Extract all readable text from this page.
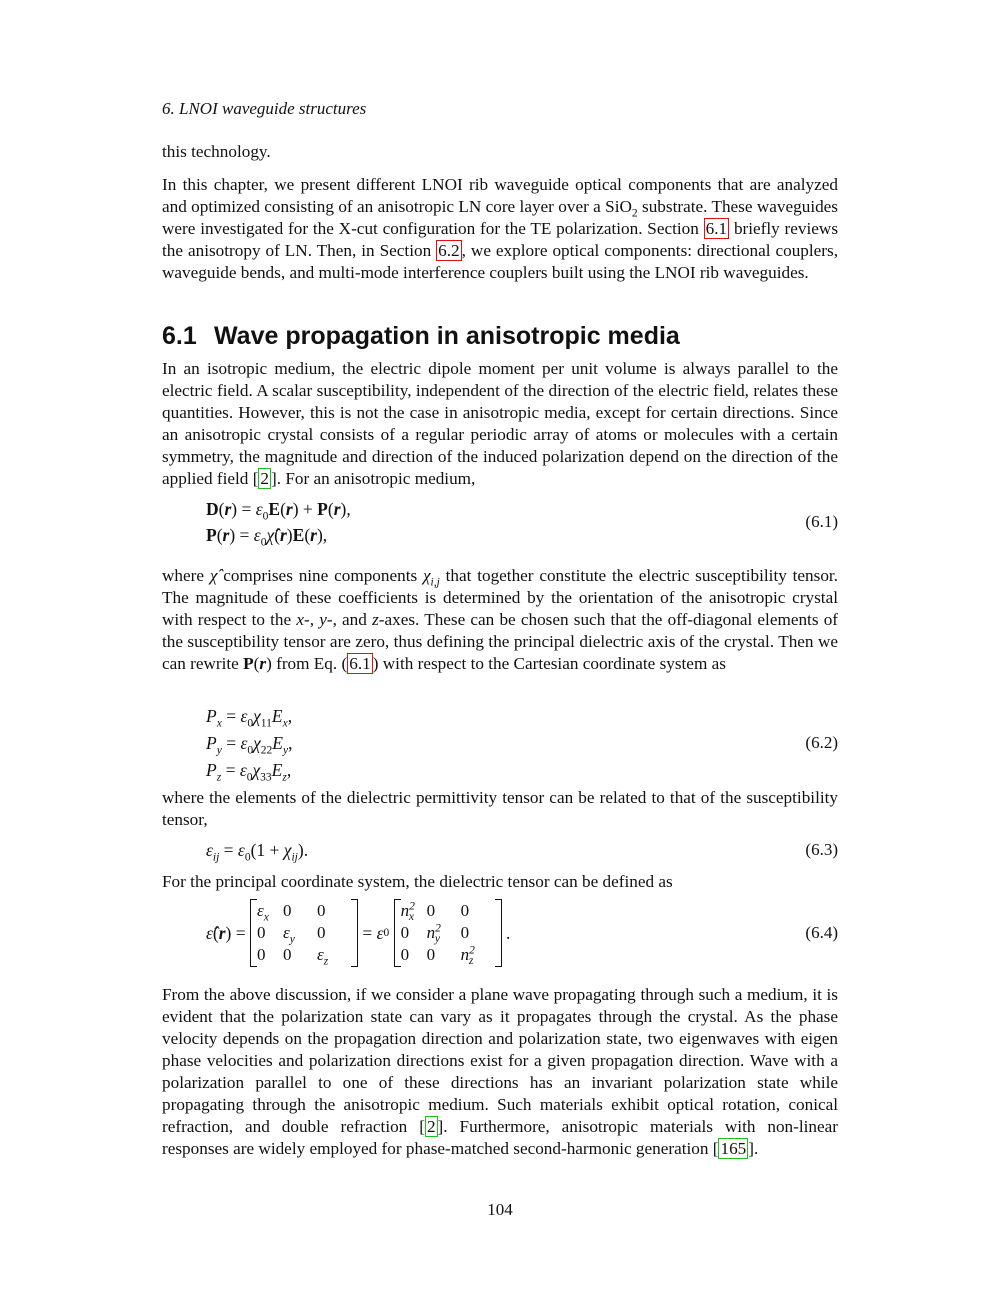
6. LNOI waveguide structures

this technology.

In this chapter, we present different LNOI rib waveguide optical components that are analyzed and optimized consisting of an anisotropic LN core layer over a SiO$_2$ substrate. These waveguides were investigated for the X-cut configuration for the TE polarization. Section 6.1 briefly reviews the anisotropy of LN. Then, in Section 6.2 , we explore optical components: directional couplers, waveguide bends, and multi-mode interference couplers built using the LNOI rib waveguides.

6.1 Wave propagation in anisotropic media

In an isotropic medium, the electric dipole moment per unit volume is always parallel to the electric field. A scalar susceptibility, independent of the direction of the electric field, relates these quantities. However, this is not the case in anisotropic media, except for certain directions. Since an anisotropic crystal consists of a regular periodic array of atoms or molecules with a certain symmetry, the magnitude and direction of the induced polarization depend on the direction of the applied field [ 2 ]. For an anisotropic medium,

$D(r) = \varepsilon_0E(r) + P(r)$,
$P(r) = \varepsilon_0\chî(r)E(r)$,
(6.1)

where χ̂ comprises nine components $\chi_{i,j}$ that together constitute the electric susceptibility tensor. The magnitude of these coefficients is determined by the orientation of the anisotropic crystal with respect to the x-, y-, and z-axes. These can be chosen such that the off-diagonal elements of the susceptibility tensor are zero, thus defining the principal dielectric axis of the crystal. Then we can rewrite P(r) from Eq. ( 6.1 ) with respect to the Cartesian coordinate system as

$P_x = \varepsilon_0\chi_{11}E_x$,
$P_y = \varepsilon_0\chi_{22}E_y$,
$P_z = \varepsilon_0\chi_{33}E_z$,
(6.2)

where the elements of the dielectric permittivity tensor can be related to that of the susceptibility tensor,

$\varepsilon_{ij} = \varepsilon_0(1 + \chi_{ij})$.	(6.3)

For the principal coordinate system, the dielectric tensor can be defined as

ε̂ ( r ) =
$\varepsilon_x$ 0	0
0	$\varepsilon_y$	0
0	0	$\varepsilon_z$
= ε 0

$n^2_x$ 0	0
0	$n^2_y$	0
0	0	$n^2_z$
.	(6.4)

From the above discussion, if we consider a plane wave propagating through such a medium, it is evident that the polarization state can vary as it propagates through the crystal. As the phase velocity depends on the propagation direction and polarization state, two eigenwaves with eigen phase velocities and polarization directions exist for a given propagation direction. Wave with a polarization parallel to one of these directions has an invariant polarization state while propagating through the anisotropic medium. Such materials exhibit optical rotation, conical refraction, and double refraction [ 2 ]. Furthermore, anisotropic materials with non-linear responses are widely employed for phase-matched second-harmonic generation [ 165 ].

104
